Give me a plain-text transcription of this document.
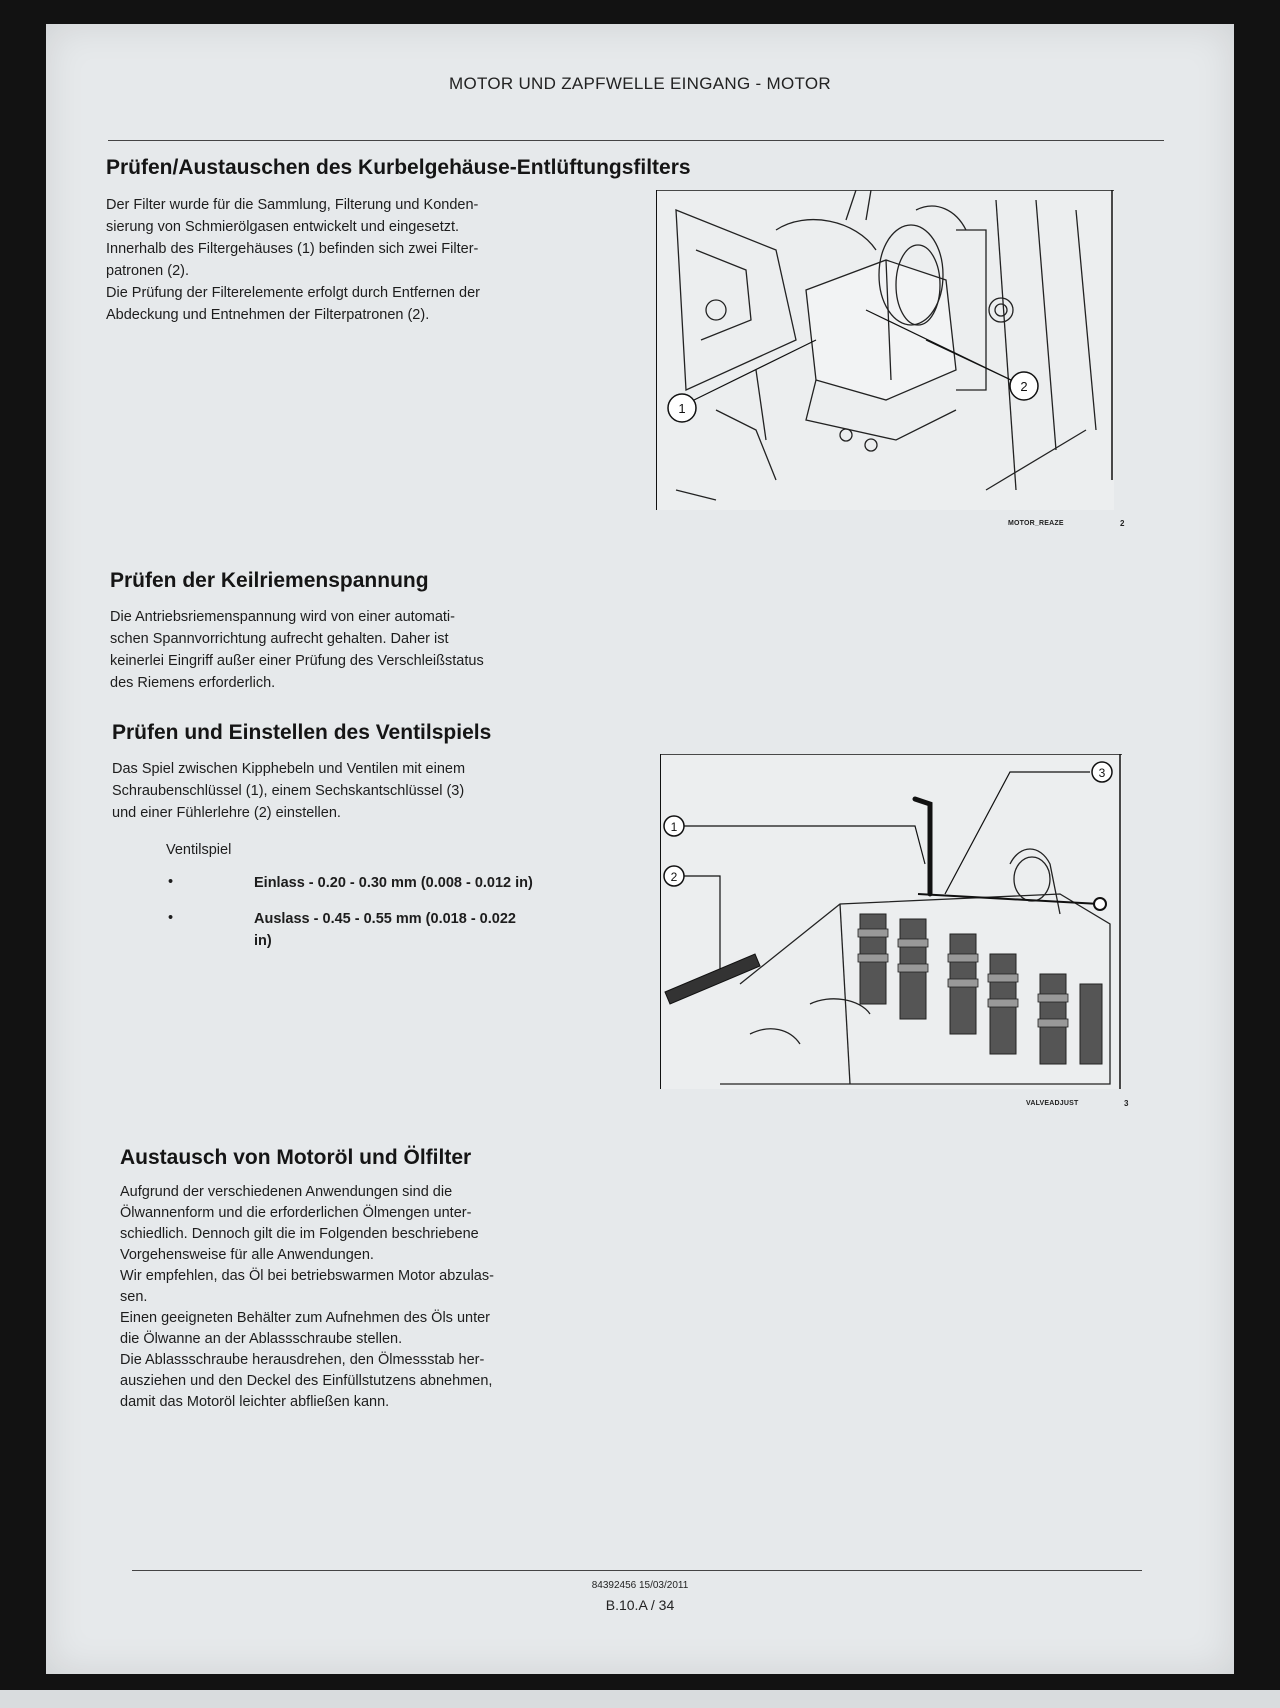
MOTOR UND ZAPFWELLE EINGANG - MOTOR
Prüfen/Austauschen des Kurbelgehäuse-Entlüftungsfilters
Der Filter wurde für die Sammlung, Filterung und Konden-
sierung von Schmierölgasen entwickelt und eingesetzt.
Innerhalb des Filtergehäuses (1) befinden sich zwei Filter-
patronen (2).
Die Prüfung der Filterelemente erfolgt durch Entfernen der
Abdeckung und Entnehmen der Filterpatronen (2).
1
2
MOTOR_REAZE	2
Prüfen der Keilriemenspannung
Die Antriebsriemenspannung wird von einer automati-
schen Spannvorrichtung aufrecht gehalten. Daher ist
keinerlei Eingriff außer einer Prüfung des Verschleißstatus
des Riemens erforderlich.
Prüfen und Einstellen des Ventilspiels
Das Spiel zwischen Kipphebeln und Ventilen mit einem
Schraubenschlüssel (1), einem Sechskantschlüssel (3)
und einer Fühlerlehre (2) einstellen.
Ventilspiel
•	Einlass - 0.20 - 0.30 mm (0.008 - 0.012 in)
•	Auslass - 0.45 - 0.55 mm (0.018 - 0.022
in)
1
2
3
VALVEADJUST	3
Austausch von Motoröl und Ölfilter
Aufgrund der verschiedenen Anwendungen sind die
Ölwannenform und die erforderlichen Ölmengen unter-
schiedlich. Dennoch gilt die im Folgenden beschriebene
Vorgehensweise für alle Anwendungen.
Wir empfehlen, das Öl bei betriebswarmen Motor abzulas-
sen.
Einen geeigneten Behälter zum Aufnehmen des Öls unter
die Ölwanne an der Ablassschraube stellen.
Die Ablassschraube herausdrehen, den Ölmessstab her-
ausziehen und den Deckel des Einfüllstutzens abnehmen,
damit das Motoröl leichter abfließen kann.
84392456 15/03/2011
B.10.A / 34
